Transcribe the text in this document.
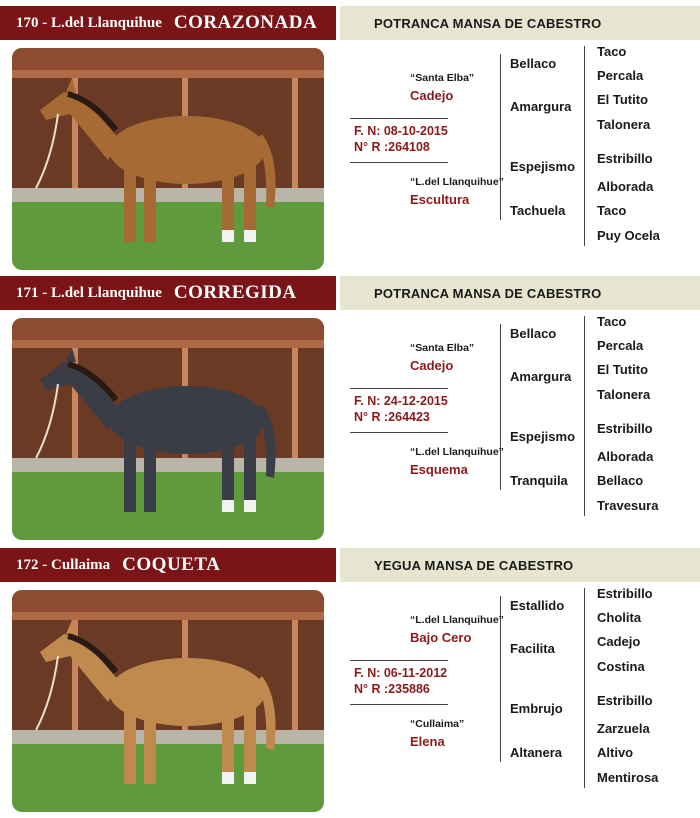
170 - L.del Llanquihue CORAZONADA	POTRANCA MANSA DE CABESTRO
“Santa Elba”
Cadejo
F. N: 08-10-2015
N° R :264108
“L.del Llanquihue”
Escultura
Bellaco
Amargura
Espejismo
Tachuela
Taco
Percala
El Tutito
Talonera
Estribillo
Alborada
Taco
Puy Ocela
171 - L.del Llanquihue CORREGIDA	POTRANCA MANSA DE CABESTRO
“Santa Elba”
Cadejo
F. N: 24-12-2015
N° R :264423
“L.del Llanquihue”
Esquema
Bellaco
Amargura
Espejismo
Tranquila
Taco
Percala
El Tutito
Talonera
Estribillo
Alborada
Bellaco
Travesura
172 - Cullaima COQUETA	YEGUA MANSA DE CABESTRO
“L.del Llanquihue”
Bajo Cero
F. N: 06-11-2012
N° R :235886
“Cullaima”
Elena
Estallido
Facilita
Embrujo
Altanera
Estribillo
Cholita
Cadejo
Costina
Estribillo
Zarzuela
Altivo
Mentirosa
